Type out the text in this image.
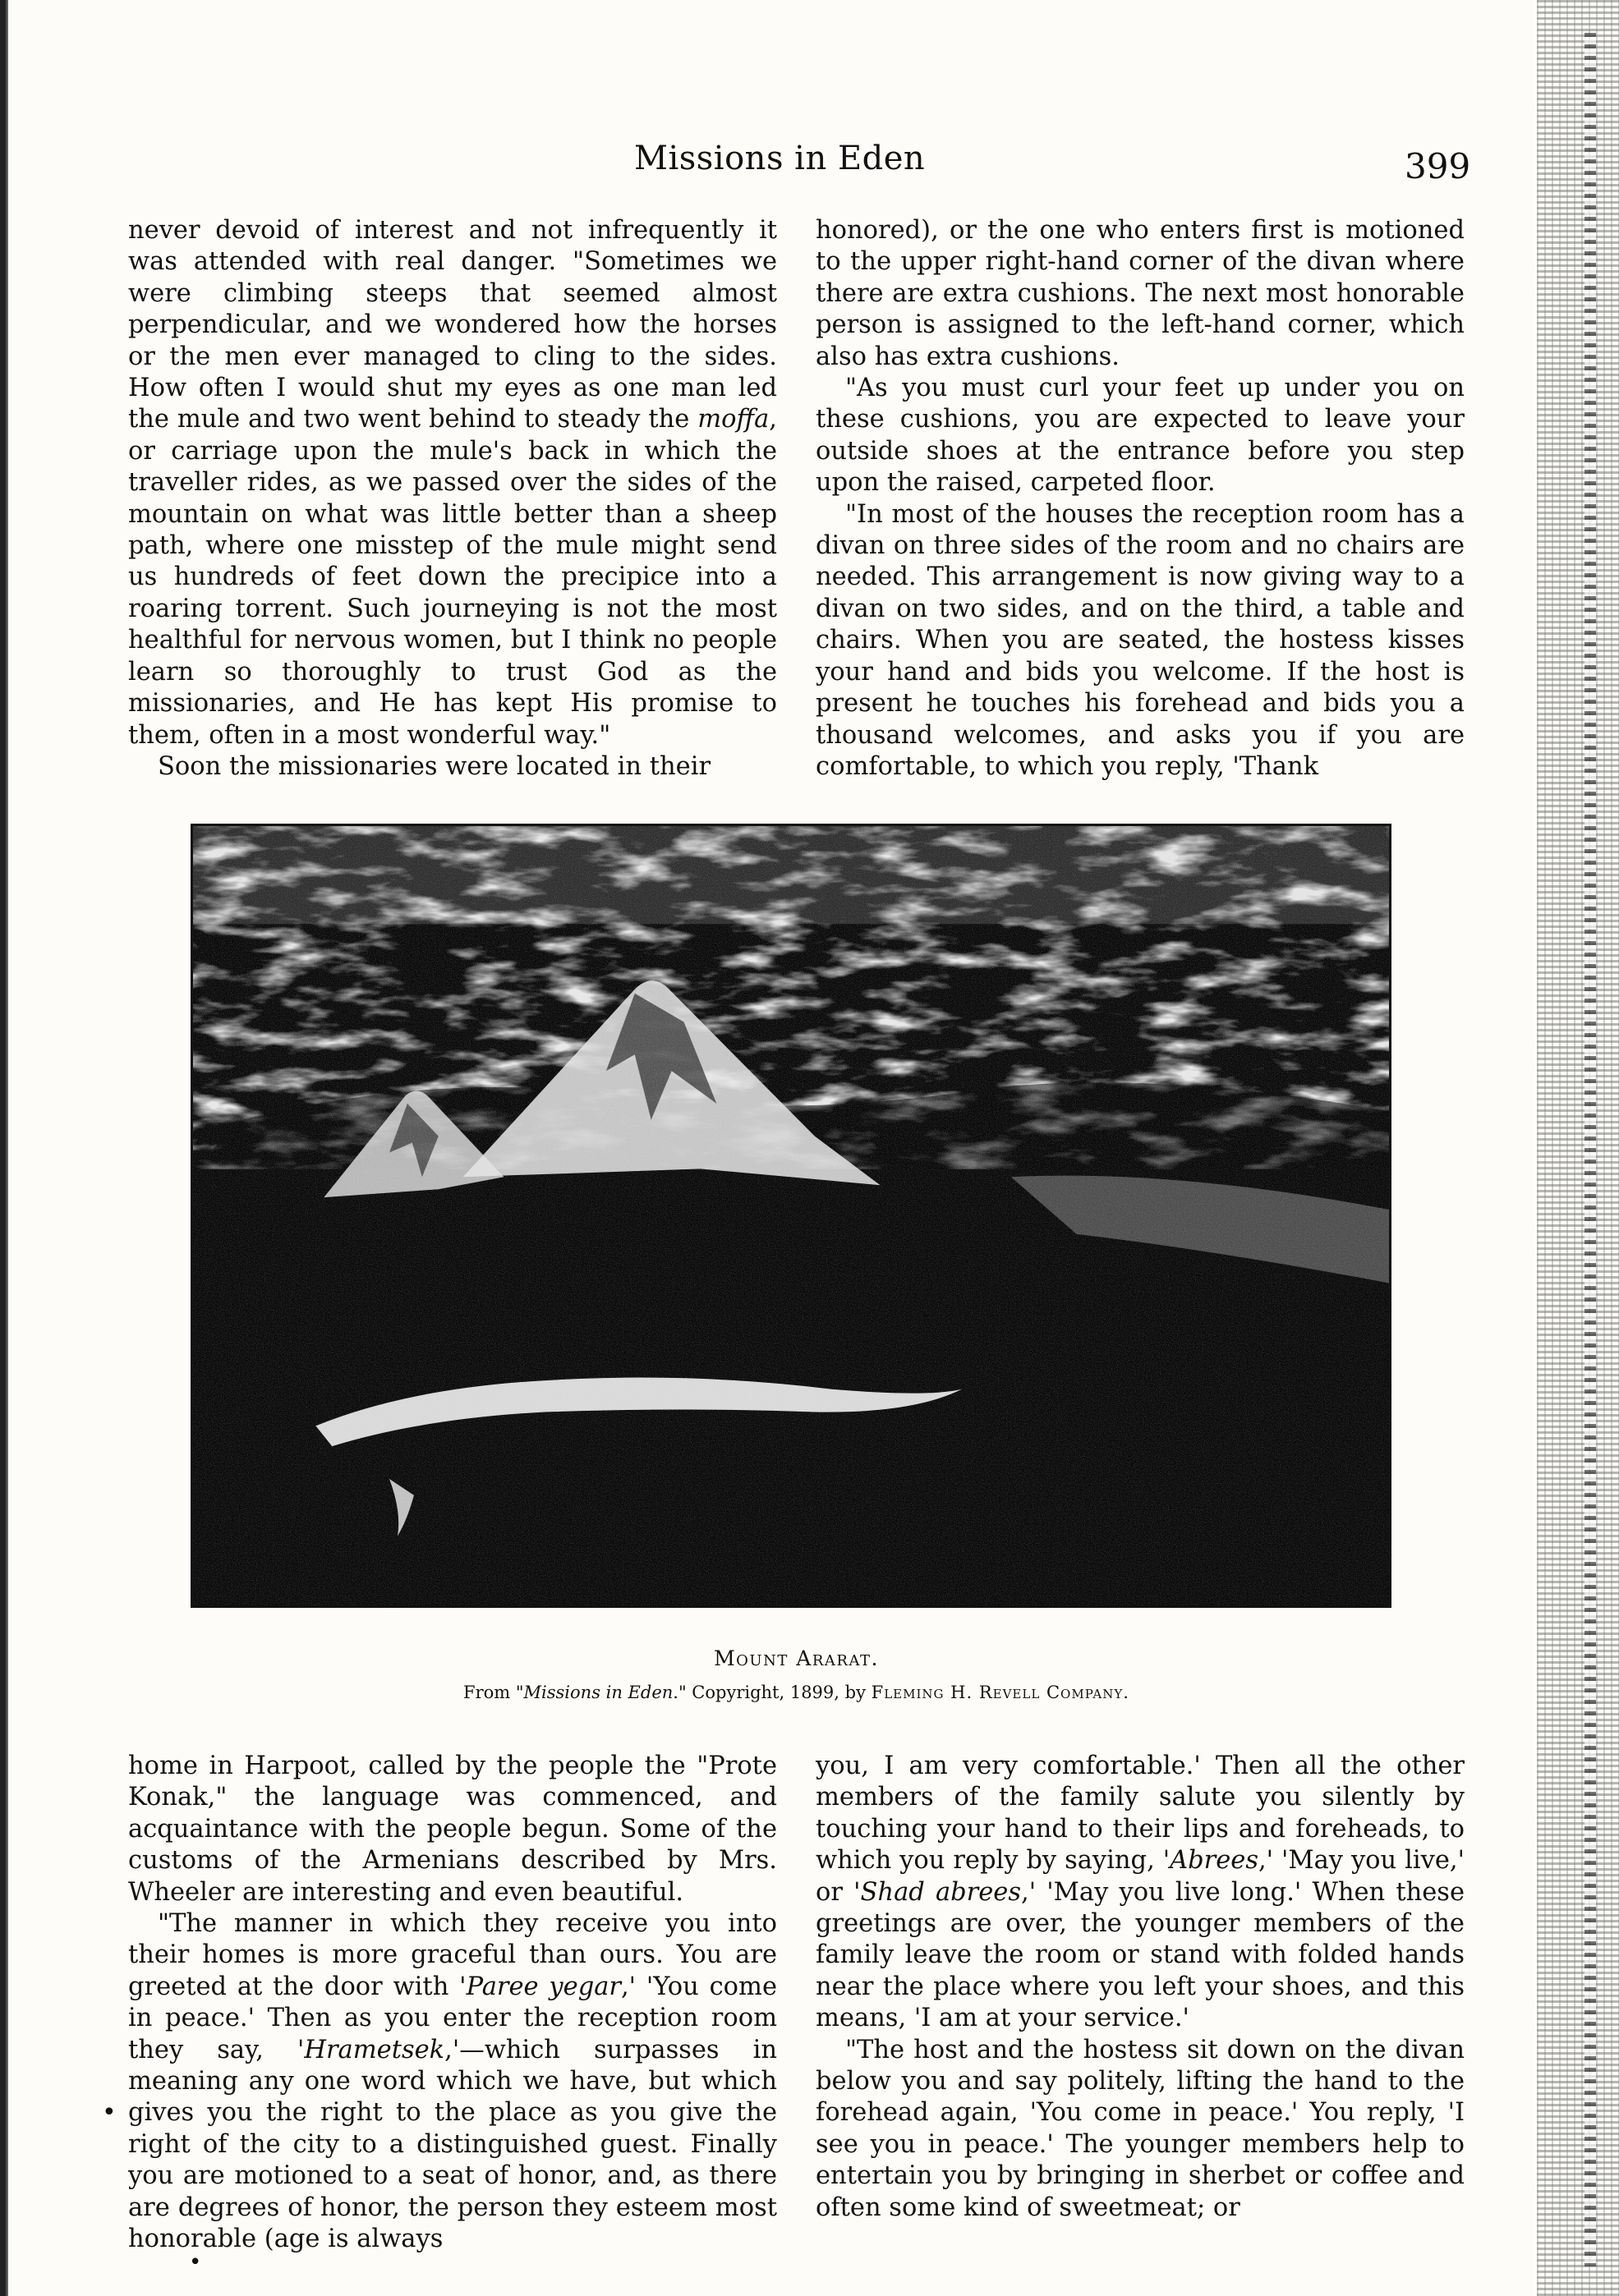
Missions in Eden	399

never devoid of interest and not infrequently it was attended with real danger. "Sometimes we were climbing steeps that seemed almost perpendicular, and we wondered how the horses or the men ever managed to cling to the sides. How often I would shut my eyes as one man led the mule and two went behind to steady the moffa, or carriage upon the mule's back in which the traveller rides, as we passed over the sides of the mountain on what was little better than a sheep path, where one misstep of the mule might send us hundreds of feet down the precipice into a roaring torrent. Such journeying is not the most healthful for nervous women, but I think no people learn so thoroughly to trust God as the missionaries, and He has kept His promise to them, often in a most wonderful way."

Soon the missionaries were located in their

honored), or the one who enters first is motioned to the upper right-hand corner of the divan where there are extra cushions. The next most honorable person is assigned to the left-hand corner, which also has extra cushions.

"As you must curl your feet up under you on these cushions, you are expected to leave your outside shoes at the entrance before you step upon the raised, carpeted floor.

"In most of the houses the reception room has a divan on three sides of the room and no chairs are needed. This arrangement is now giving way to a divan on two sides, and on the third, a table and chairs. When you are seated, the hostess kisses your hand and bids you welcome. If the host is present he touches his forehead and bids you a thousand welcomes, and asks you if you are comfortable, to which you reply, 'Thank

Mount Ararat.
From "Missions in Eden." Copyright, 1899, by Fleming H. Revell Company.

home in Harpoot, called by the people the "Prote Konak," the language was commenced, and acquaintance with the people begun. Some of the customs of the Armenians described by Mrs. Wheeler are interesting and even beautiful.

"The manner in which they receive you into their homes is more graceful than ours. You are greeted at the door with 'Paree yegar,' 'You come in peace.' Then as you enter the reception room they say, 'Hrametsek,'—which surpasses in meaning any one word which we have, but which gives you the right to the place as you give the right of the city to a distinguished guest. Finally you are motioned to a seat of honor, and, as there are degrees of honor, the person they esteem most honorable (age is always

you, I am very comfortable.' Then all the other members of the family salute you silently by touching your hand to their lips and foreheads, to which you reply by saying, 'Abrees,' 'May you live,' or 'Shad abrees,' 'May you live long.' When these greetings are over, the younger members of the family leave the room or stand with folded hands near the place where you left your shoes, and this means, 'I am at your service.'

"The host and the hostess sit down on the divan below you and say politely, lifting the hand to the forehead again, 'You come in peace.' You reply, 'I see you in peace.' The younger members help to entertain you by bringing in sherbet or coffee and often some kind of sweetmeat; or

•
•
